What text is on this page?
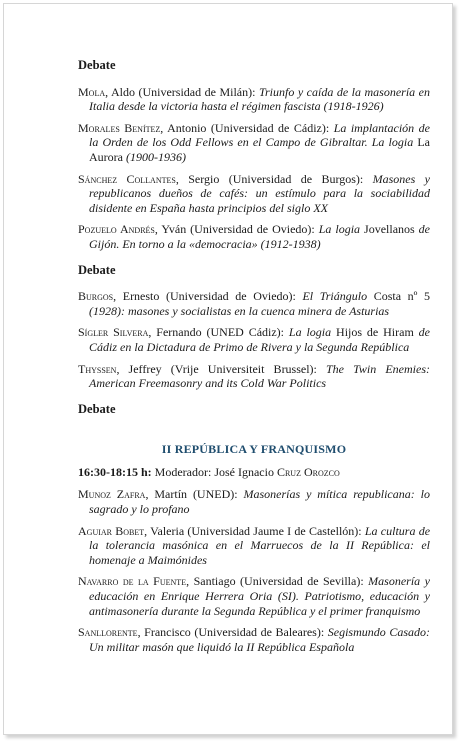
Debate

Mola, Aldo (Universidad de Milán): Triunfo y caída de la masonería en Italia desde la victoria hasta el régimen fascista (1918-1926)

Morales Benítez, Antonio (Universidad de Cádiz): La implantación de la Orden de los Odd Fellows en el Campo de Gibraltar. La logia La Aurora (1900-1936)

Sánchez Collantes, Sergio (Universidad de Burgos): Masones y republicanos dueños de cafés: un estímulo para la sociabilidad disidente en España hasta principios del siglo XX

Pozuelo Andrés, Yván (Universidad de Oviedo): La logia Jovellanos de Gijón. En torno a la «democracia» (1912-1938)

Debate

Burgos, Ernesto (Universidad de Oviedo): El Triángulo Costa nº 5 (1928): masones y socialistas en la cuenca minera de Asturias

Sígler Silvera, Fernando (UNED Cádiz): La logia Hijos de Hiram de Cádiz en la Dictadura de Primo de Rivera y la Segunda República

Thyssen, Jeffrey (Vrije Universiteit Brussel): The Twin Enemies: American Freemasonry and its Cold War Politics

Debate
II REPÚBLICA Y FRANQUISMO

16:30-18:15 h: Moderador: José Ignacio Cruz Orozco

Munoz Zafra, Martín (UNED): Masonerías y mítica republicana: lo sagrado y lo profano

Aguiar Bobet, Valeria (Universidad Jaume I de Castellón): La cultura de la tolerancia masónica en el Marruecos de la II República: el homenaje a Maimónides

Navarro de la Fuente, Santiago (Universidad de Sevilla): Masonería y educación en Enrique Herrera Oria (SI). Patriotismo, educación y antimasonería durante la Segunda República y el primer franquismo

Sanllorente, Francisco (Universidad de Baleares): Segismundo Casado: Un militar masón que liquidó la II República Española
